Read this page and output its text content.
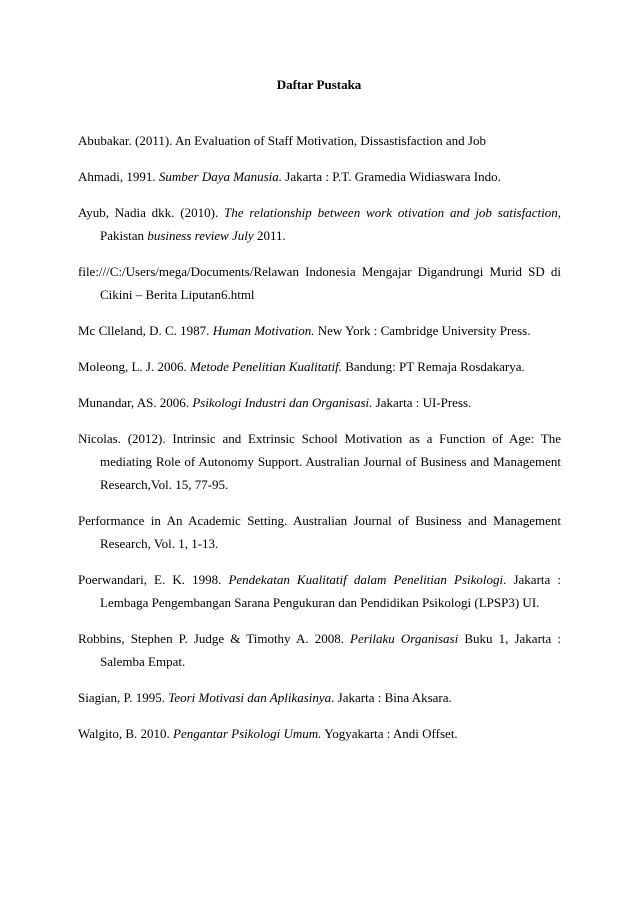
Daftar Pustaka

Abubakar. (2011). An Evaluation of Staff Motivation, Dissastisfaction and Job

Ahmadi, 1991. Sumber Daya Manusia. Jakarta : P.T. Gramedia Widiaswara Indo.

Ayub, Nadia dkk. (2010). The relationship between work otivation and job satisfaction, Pakistan business review July 2011.

file:///C:/Users/mega/Documents/Relawan Indonesia Mengajar Digandrungi Murid SD di Cikini – Berita Liputan6.html

Mc Clleland, D. C. 1987. Human Motivation. New York : Cambridge University Press.

Moleong, L. J. 2006. Metode Penelitian Kualitatif. Bandung: PT Remaja Rosdakarya.

Munandar, AS. 2006. Psikologi Industri dan Organisasi. Jakarta : UI-Press.

Nicolas. (2012). Intrinsic and Extrinsic School Motivation as a Function of Age: The mediating Role of Autonomy Support. Australian Journal of Business and Management Research,Vol. 15, 77-95.

Performance in An Academic Setting. Australian Journal of Business and Management Research, Vol. 1, 1-13.

Poerwandari, E. K. 1998. Pendekatan Kualitatif dalam Penelitian Psikologi. Jakarta : Lembaga Pengembangan Sarana Pengukuran dan Pendidikan Psikologi (LPSP3) UI.

Robbins, Stephen P. Judge & Timothy A. 2008. Perilaku Organisasi Buku 1, Jakarta : Salemba Empat.

Siagian, P. 1995. Teori Motivasi dan Aplikasinya. Jakarta : Bina Aksara.

Walgito, B. 2010. Pengantar Psikologi Umum. Yogyakarta : Andi Offset.
